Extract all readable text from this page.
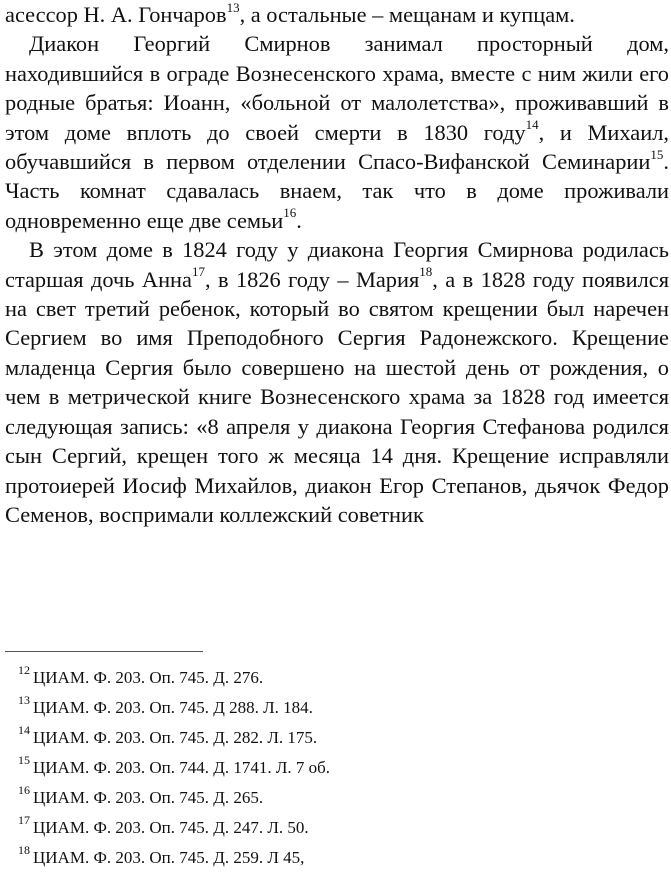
асессор Н. А. Гончаров$^{13}$, а остальные – мещанам и купцам.

Диакон Георгий Смирнов занимал просторный дом, находившийся в ограде Вознесенского храма, вместе с ним жили его родные братья: Иоанн, «больной от малолетства», проживавший в этом доме вплоть до своей смерти в 1830 году$^{14}$, и Михаил, обучавшийся в первом отделении Спасо-Вифанской Семинарии$^{15}$. Часть комнат сдавалась внаем, так что в доме проживали одновременно еще две семьи$^{16}$.

В этом доме в 1824 году у диакона Георгия Смирнова родилась старшая дочь Анна$^{17}$, в 1826 году – Мария$^{18}$, а в 1828 году появился на свет третий ребенок, который во святом крещении был наречен Сергием во имя Преподобного Сергия Радонежского. Крещение младенца Сергия было совершено на шестой день от рождения, о чем в метрической книге Вознесенского храма за 1828 год имеется следующая запись: «8 апреля у диакона Георгия Стефанова родился сын Сергий, крещен того ж месяца 14 дня. Крещение исправляли протоиерей Иосиф Михайлов, диакон Егор Степанов, дьячок Федор Семенов, воспримали коллежский советник

$^{12}$ ЦИАМ. Ф. 203. Оп. 745. Д. 276.
$^{13}$ ЦИАМ. Ф. 203. Оп. 745. Д 288. Л. 184.
$^{14}$ ЦИАМ. Ф. 203. Оп. 745. Д. 282. Л. 175.
$^{15}$ ЦИАМ. Ф. 203. Оп. 744. Д. 1741. Л. 7 об.
$^{16}$ ЦИАМ. Ф. 203. Оп. 745. Д. 265.
$^{17}$ ЦИАМ. Ф. 203. Оп. 745. Д. 247. Л. 50.
$^{18}$ ЦИАМ. Ф. 203. Оп. 745. Д. 259. Л 45,
